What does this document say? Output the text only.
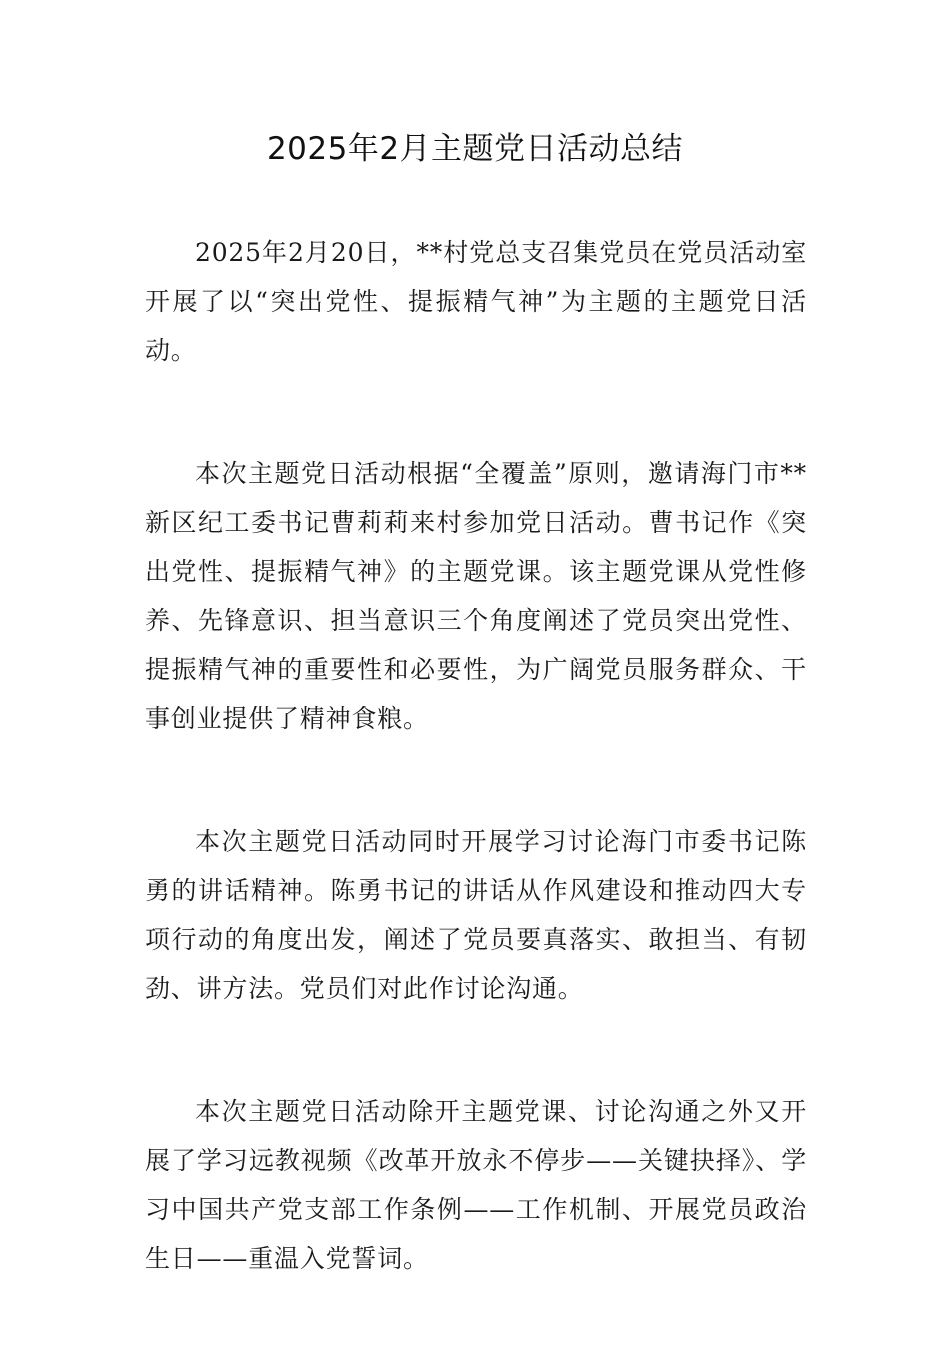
2025年2月主题党日活动总结

2025年2月20日，**村党总支召集党员在党员活动室开展了以“突出党性、提振精气神”为主题的主题党日活动。

本次主题党日活动根据“全覆盖”原则，邀请海门市**新区纪工委书记曹莉莉来村参加党日活动。曹书记作《突出党性、提振精气神》的主题党课。该主题党课从党性修养、先锋意识、担当意识三个角度阐述了党员突出党性、提振精气神的重要性和必要性，为广阔党员服务群众、干事创业提供了精神食粮。

本次主题党日活动同时开展学习讨论海门市委书记陈勇的讲话精神。陈勇书记的讲话从作风建设和推动四大专项行动的角度出发，阐述了党员要真落实、敢担当、有韧劲、讲方法。党员们对此作讨论沟通。

本次主题党日活动除开主题党课、讨论沟通之外又开展了学习远教视频《改革开放永不停步——关键抉择》、学习中国共产党支部工作条例——工作机制、开展党员政治生日——重温入党誓词。
